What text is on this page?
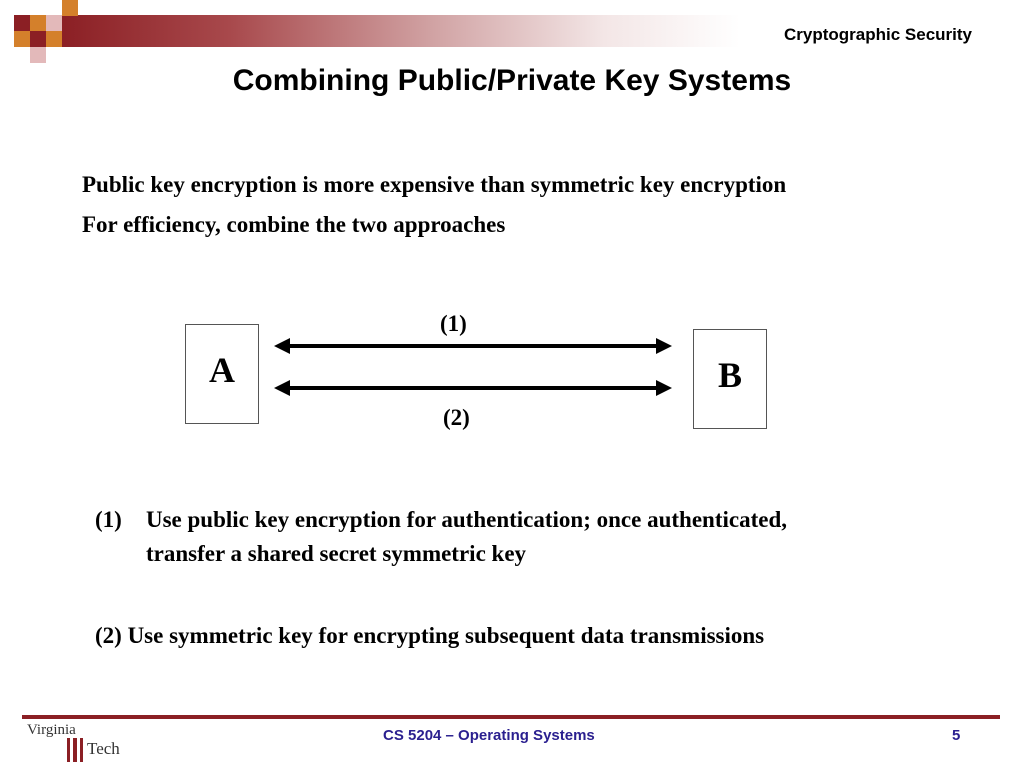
Cryptographic Security
Combining Public/Private Key Systems
Public key encryption is more expensive than symmetric key encryption
For efficiency, combine the two approaches
A	B
(1)
(2)
(1) Use public key encryption for authentication; once authenticated,
transfer a shared secret symmetric key
(2) Use symmetric key for encrypting subsequent data transmissions
Virginia
Tech
CS 5204 – Operating Systems	5
